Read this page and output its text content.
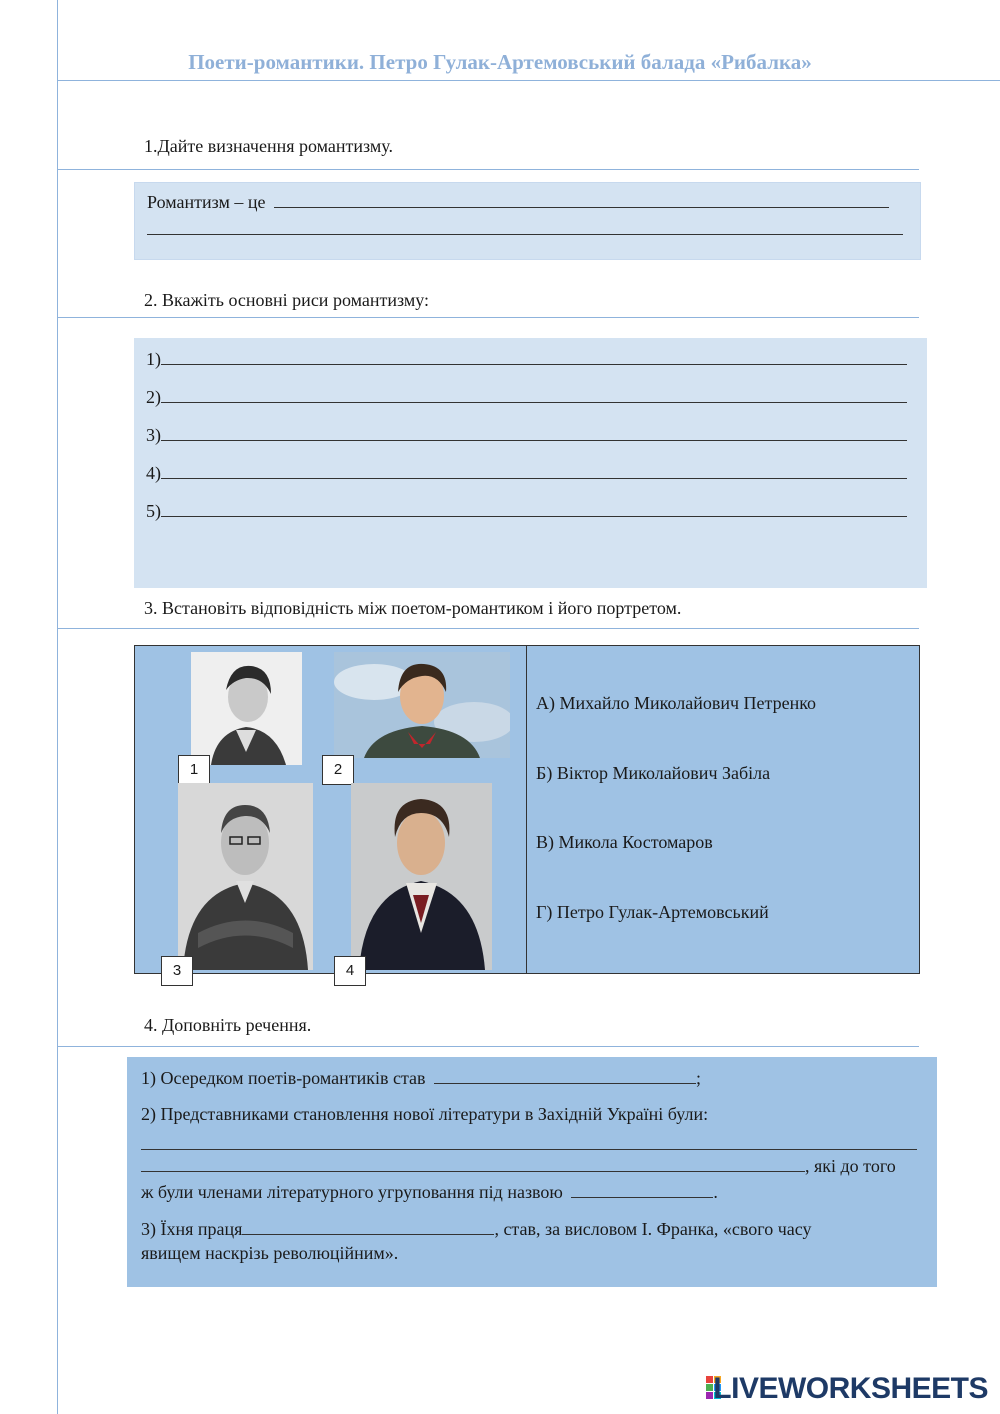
Поети-романтики. Петро Гулак-Артемовський балада «Рибалка»
1.Дайте визначення романтизму.
Романтизм – це
2. Вкажіть основні риси романтизму:
1)
2)
3)
4)
5)
3. Встановіть відповідність між поетом-романтиком і його портретом.
1	2
3	4
А) Михайло Миколайович Петренко
Б) Віктор Миколайович Забіла
В) Микола Костомаров
Г) Петро Гулак-Артемовський
4. Доповніть речення.
1) Осередком поетів-романтиків став	;
2) Представниками становлення нової літератури в Західній Україні були:
, які до того
ж були членами літературного угруповання під назвою	.
3) Їхня праця	, став, за висловом І. Франка, «свого часу
явищем наскрізь революційним».
LIVEWORKSHEETS
